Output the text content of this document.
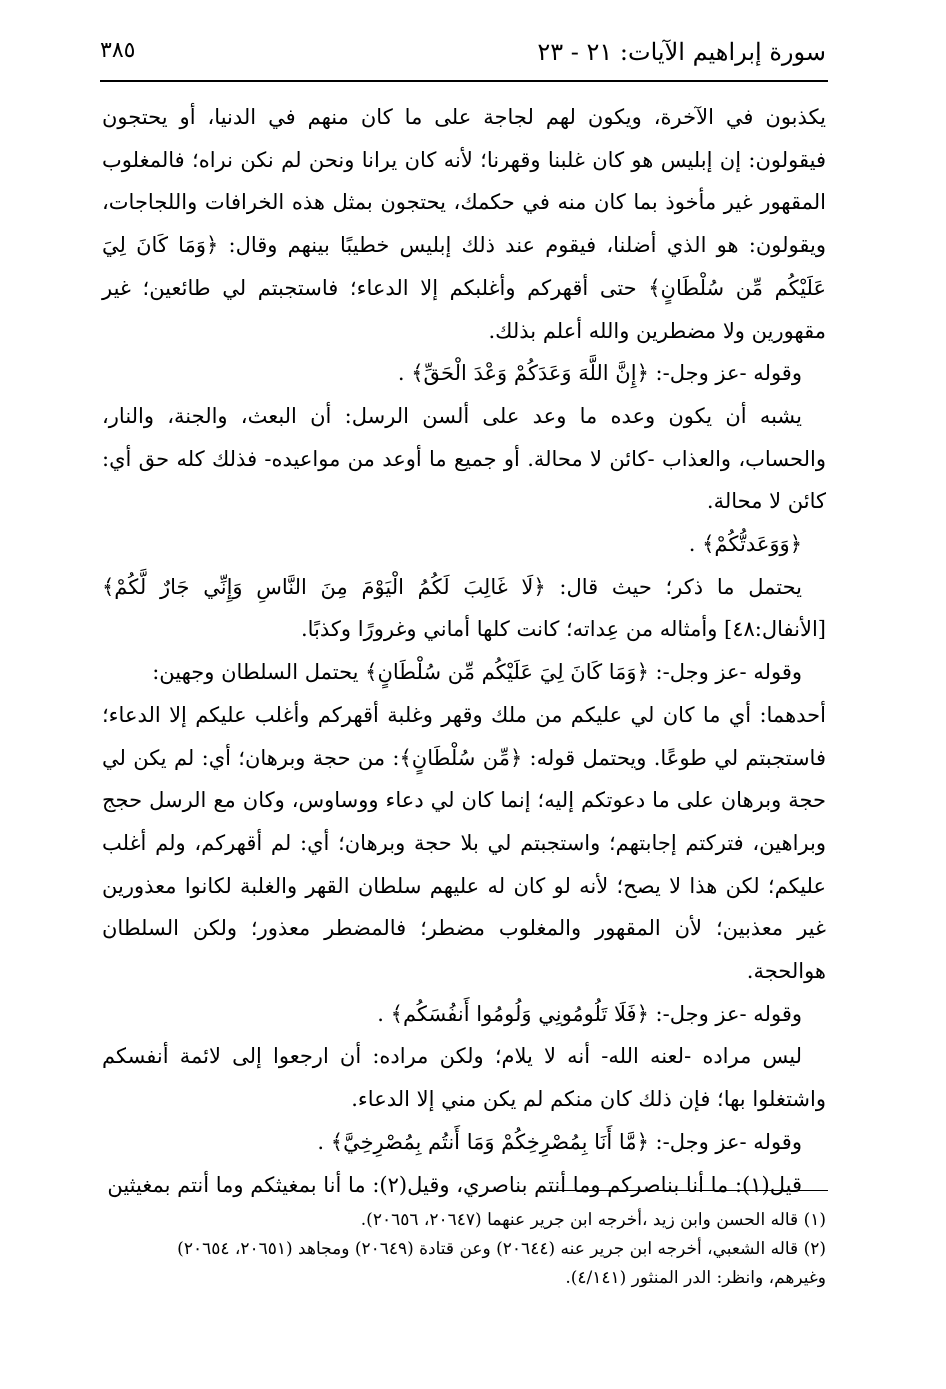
سورة إبراهيم الآيات: ٢١ - ٢٣
٣٨٥

يكذبون في الآخرة، ويكون لهم لجاجة على ما كان منهم في الدنيا، أو يحتجون فيقولون: إن إبليس هو كان غلبنا وقهرنا؛ لأنه كان يرانا ونحن لم نكن نراه؛ فالمغلوب المقهور غير مأخوذ بما كان منه في حكمك، يحتجون بمثل هذه الخرافات واللجاجات، ويقولون: هو الذي أضلنا، فيقوم عند ذلك إبليس خطيبًا بينهم وقال: ﴿وَمَا كَانَ لِيَ عَلَيْكُم مِّن سُلْطَانٍ﴾ حتى أقهركم وأغلبكم إلا الدعاء؛ فاستجبتم لي طائعين؛ غير مقهورين ولا مضطرين والله أعلم بذلك.

وقوله -عز وجل-: ﴿إِنَّ اللَّهَ وَعَدَكُمْ وَعْدَ الْحَقِّ﴾ .

يشبه أن يكون وعده ما وعد على ألسن الرسل: أن البعث، والجنة، والنار، والحساب، والعذاب -كائن لا محالة. أو جميع ما أوعد من مواعيده- فذلك كله حق أي: كائن لا محالة.

﴿وَوَعَدتُّكُمْ﴾ .

يحتمل ما ذكر؛ حيث قال: ﴿لَا غَالِبَ لَكُمُ الْيَوْمَ مِنَ النَّاسِ وَإِنِّي جَارٌ لَّكُمْ﴾ [الأنفال:٤٨] وأمثاله من عِداته؛ كانت كلها أماني وغرورًا وكذبًا.

وقوله -عز وجل-: ﴿وَمَا كَانَ لِيَ عَلَيْكُم مِّن سُلْطَانٍ﴾ يحتمل السلطان وجهين:

أحدهما: أي ما كان لي عليكم من ملك وقهر وغلبة أقهركم وأغلب عليكم إلا الدعاء؛ فاستجبتم لي طوعًا. ويحتمل قوله: ﴿مِّن سُلْطَانٍ﴾: من حجة وبرهان؛ أي: لم يكن لي حجة وبرهان على ما دعوتكم إليه؛ إنما كان لي دعاء ووساوس، وكان مع الرسل حجج وبراهين، فتركتم إجابتهم؛ واستجبتم لي بلا حجة وبرهان؛ أي: لم أقهركم، ولم أغلب عليكم؛ لكن هذا لا يصح؛ لأنه لو كان له عليهم سلطان القهر والغلبة لكانوا معذورين غير معذبين؛ لأن المقهور والمغلوب مضطر؛ فالمضطر معذور؛ ولكن السلطان هوالحجة.

وقوله -عز وجل-: ﴿فَلَا تَلُومُونِي وَلُومُوا أَنفُسَكُم﴾ .

ليس مراده -لعنه الله- أنه لا يلام؛ ولكن مراده: أن ارجعوا إلى لائمة أنفسكم واشتغلوا بها؛ فإن ذلك كان منكم لم يكن مني إلا الدعاء.

وقوله -عز وجل-: ﴿مَّا أَنَا بِمُصْرِخِكُمْ وَمَا أَنتُم بِمُصْرِخِيَّ﴾ .

قيل(١): ما أنا بناصركم وما أنتم بناصري، وقيل(٢): ما أنا بمغيثكم وما أنتم بمغيثين

(١) قاله الحسن وابن زيد ،أخرجه ابن جرير عنهما (٢٠٦٤٧، ٢٠٦٥٦).

(٢) قاله الشعبي، أخرجه ابن جرير عنه (٢٠٦٤٤) وعن قتادة (٢٠٦٤٩) ومجاهد (٢٠٦٥١، ٢٠٦٥٤)

وغيرهم، وانظر: الدر المنثور (٤/١٤١).
